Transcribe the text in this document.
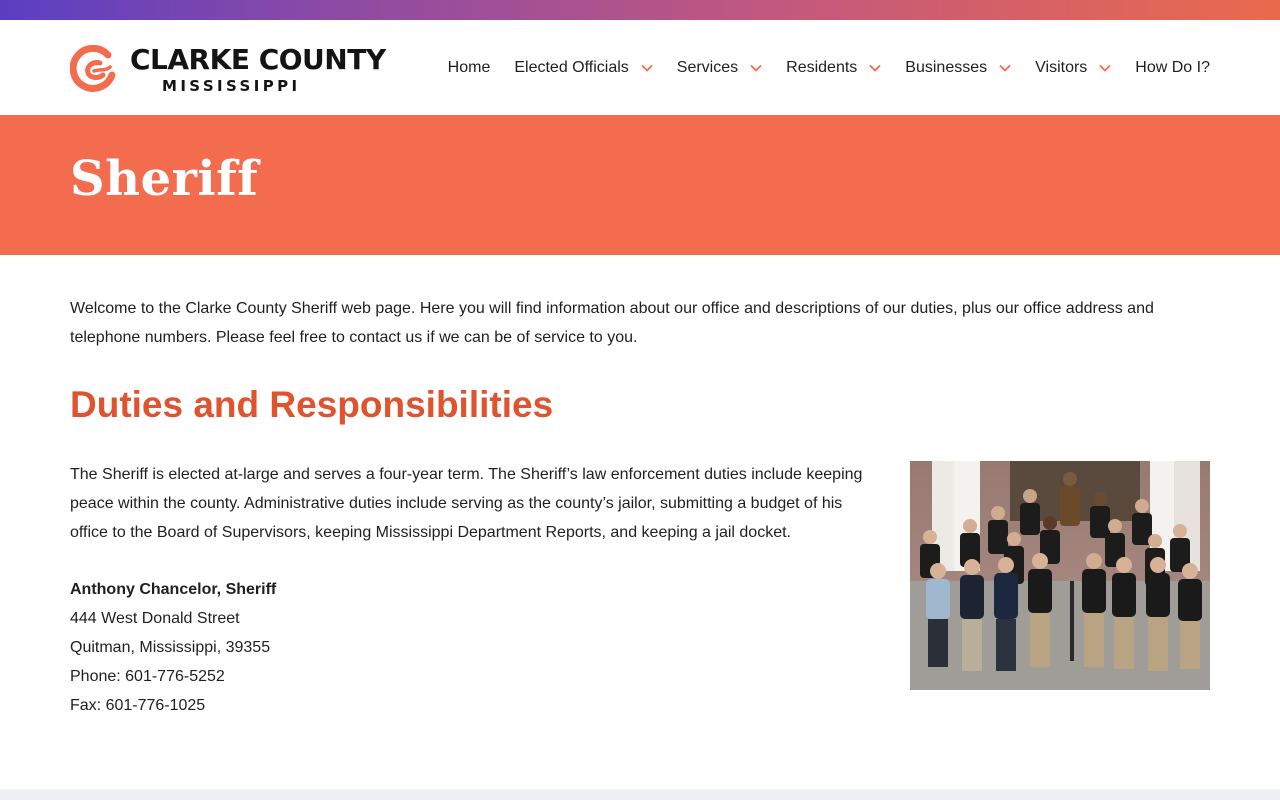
CLARKE COUNTY
MISSISSIPPI
Home Elected Officials	Services	Residents	Businesses	Visitors	How Do I?
Sheriff

Welcome to the Clarke County Sheriff web page. Here you will find information about our office and descriptions of our duties, plus our office address and telephone numbers. Please feel free to contact us if we can be of service to you.

Duties and Responsibilities

The Sheriff is elected at-large and serves a four-year term. The Sheriff’s law enforcement duties include keeping peace within the county. Administrative duties include serving as the county’s jailor, submitting a budget of his office to the Board of Supervisors, keeping Mississippi Department Reports, and keeping a jail docket.

Anthony Chancelor, Sheriff
444 West Donald Street
Quitman, Mississippi, 39355
Phone: 601-776-5252
Fax: 601-776-1025
